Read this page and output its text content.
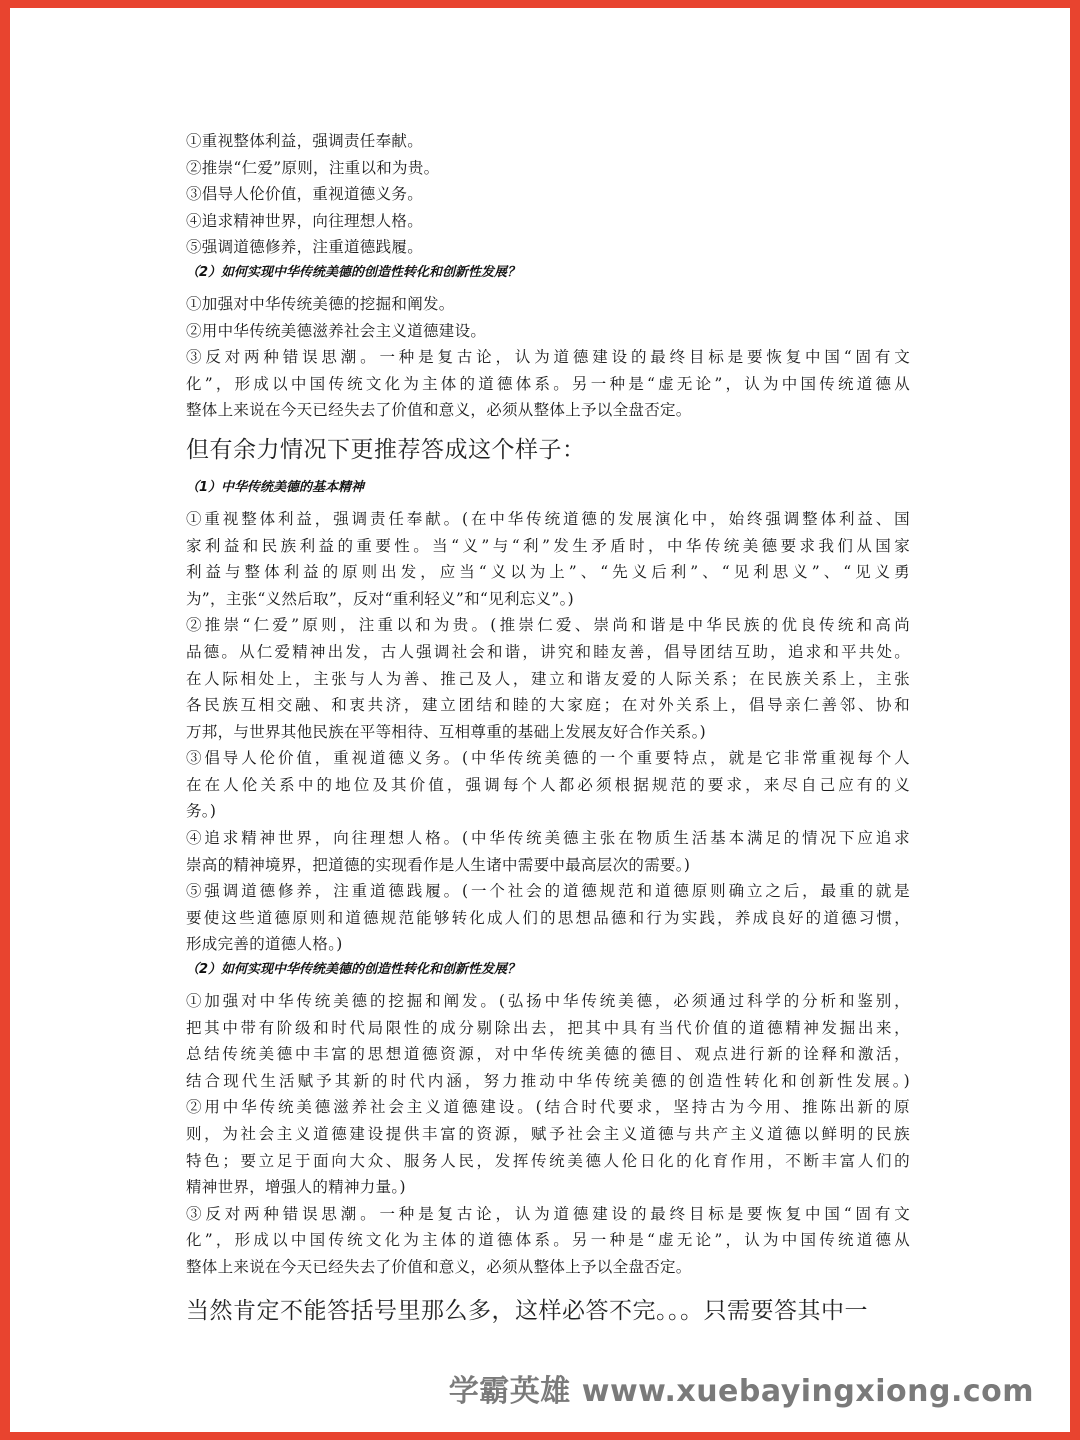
①重视整体利益，强调责任奉献。
②推崇“仁爱”原则，注重以和为贵。
③倡导人伦价值，重视道德义务。
④追求精神世界，向往理想人格。
⑤强调道德修养，注重道德践履。
（2）如何实现中华传统美德的创造性转化和创新性发展？
①加强对中华传统美德的挖掘和阐发。
②用中华传统美德滋养社会主义道德建设。
③反对两种错误思潮。一种是复古论，认为道德建设的最终目标是要恢复中国“固有文
化”，形成以中国传统文化为主体的道德体系。另一种是“虚无论”，认为中国传统道德从
整体上来说在今天已经失去了价值和意义，必须从整体上予以全盘否定。
但有余力情况下更推荐答成这个样子：
（1）中华传统美德的基本精神
①重视整体利益，强调责任奉献。(在中华传统道德的发展演化中，始终强调整体利益、国
家利益和民族利益的重要性。当“义”与“利”发生矛盾时，中华传统美德要求我们从国家
利益与整体利益的原则出发，应当“义以为上”、“先义后利”、“见利思义”、“见义勇
为”，主张“义然后取”，反对“重利轻义”和“见利忘义”。)
②推崇“仁爱”原则，注重以和为贵。(推崇仁爱、崇尚和谐是中华民族的优良传统和高尚
品德。从仁爱精神出发，古人强调社会和谐，讲究和睦友善，倡导团结互助，追求和平共处。
在人际相处上，主张与人为善、推己及人，建立和谐友爱的人际关系；在民族关系上，主张
各民族互相交融、和衷共济，建立团结和睦的大家庭；在对外关系上，倡导亲仁善邻、协和
万邦，与世界其他民族在平等相待、互相尊重的基础上发展友好合作关系。)
③倡导人伦价值，重视道德义务。(中华传统美德的一个重要特点，就是它非常重视每个人
在在人伦关系中的地位及其价值，强调每个人都必须根据规范的要求，来尽自己应有的义
务。)
④追求精神世界，向往理想人格。(中华传统美德主张在物质生活基本满足的情况下应追求
崇高的精神境界，把道德的实现看作是人生诸中需要中最高层次的需要。)
⑤强调道德修养，注重道德践履。(一个社会的道德规范和道德原则确立之后，最重的就是
要使这些道德原则和道德规范能够转化成人们的思想品德和行为实践，养成良好的道德习惯，
形成完善的道德人格。)
（2）如何实现中华传统美德的创造性转化和创新性发展？
①加强对中华传统美德的挖掘和阐发。(弘扬中华传统美德，必须通过科学的分析和鉴别，
把其中带有阶级和时代局限性的成分剔除出去，把其中具有当代价值的道德精神发掘出来，
总结传统美德中丰富的思想道德资源，对中华传统美德的德目、观点进行新的诠释和激活，
结合现代生活赋予其新的时代内涵，努力推动中华传统美德的创造性转化和创新性发展。)
②用中华传统美德滋养社会主义道德建设。(结合时代要求，坚持古为今用、推陈出新的原
则，为社会主义道德建设提供丰富的资源，赋予社会主义道德与共产主义道德以鲜明的民族
特色；要立足于面向大众、服务人民，发挥传统美德人伦日化的化育作用，不断丰富人们的
精神世界，增强人的精神力量。)
③反对两种错误思潮。一种是复古论，认为道德建设的最终目标是要恢复中国“固有文
化”，形成以中国传统文化为主体的道德体系。另一种是“虚无论”，认为中国传统道德从
整体上来说在今天已经失去了价值和意义，必须从整体上予以全盘否定。
当然肯定不能答括号里那么多，这样必答不完。。。只需要答其中一
学霸英雄 www.xuebayingxiong.com
